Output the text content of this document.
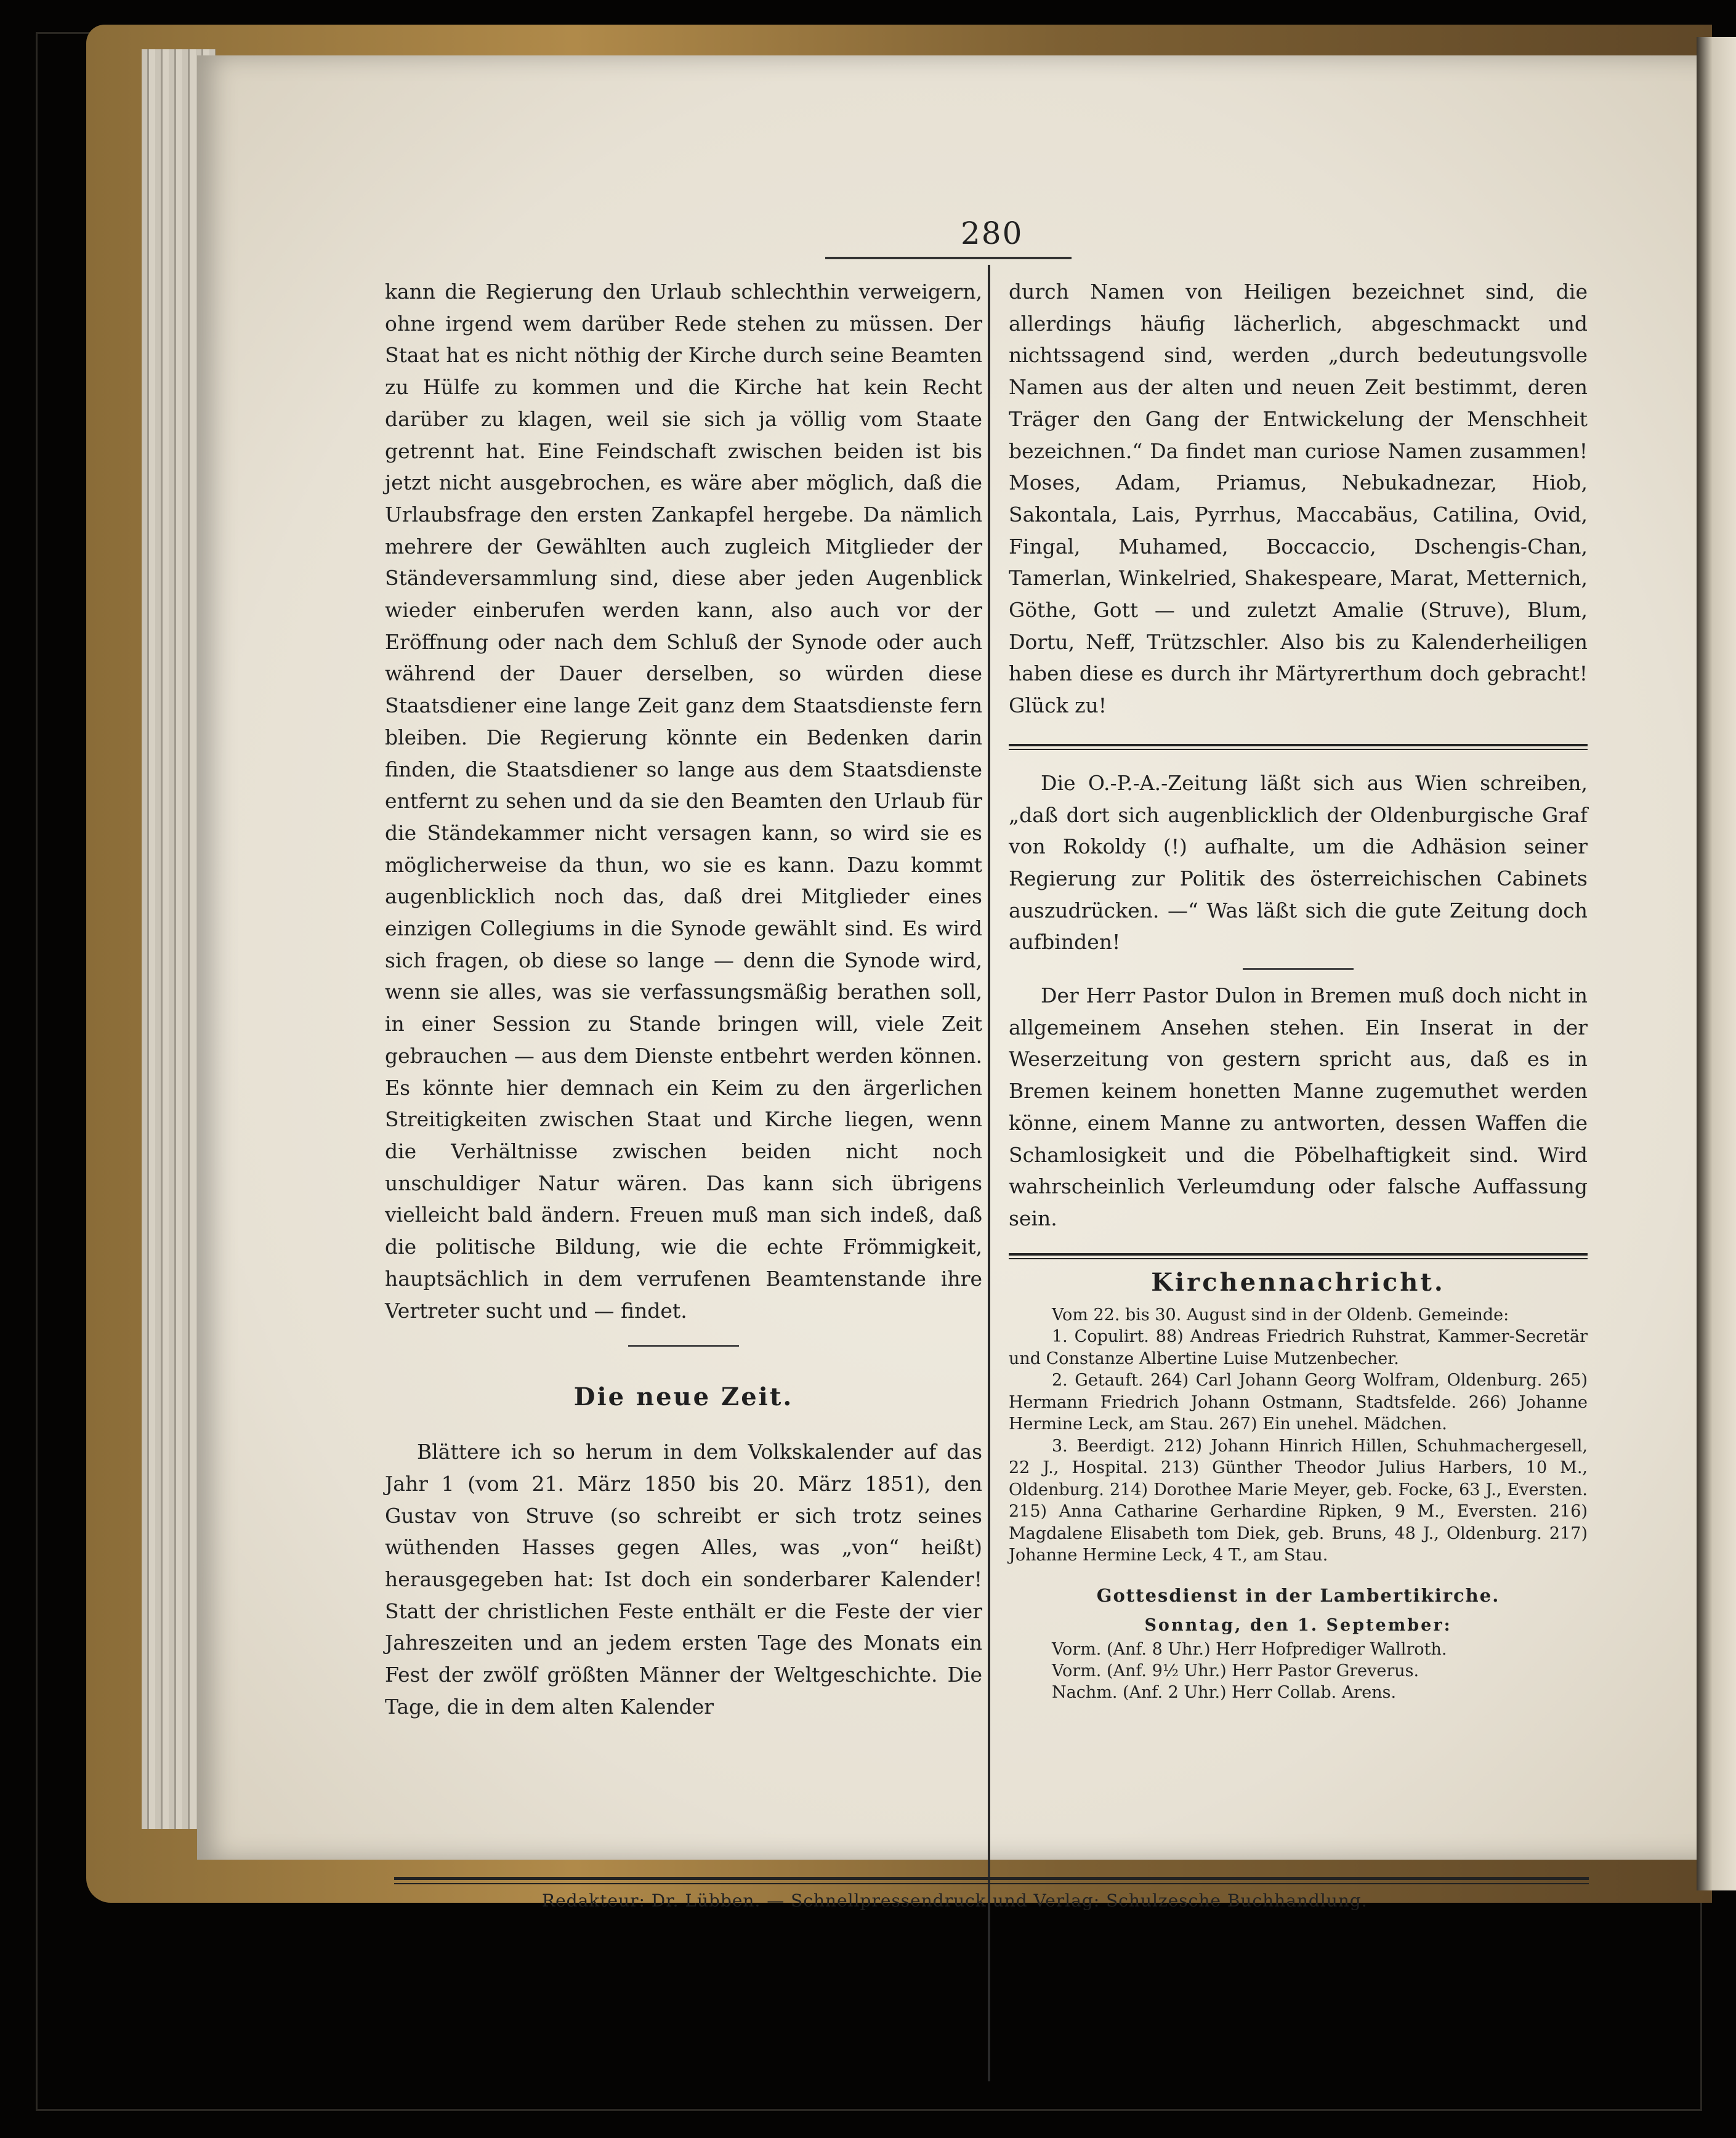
280

kann die Regierung den Urlaub schlechthin verweigern, ohne irgend wem darüber Rede stehen zu müssen. Der Staat hat es nicht nöthig der Kirche durch seine Beamten zu Hülfe zu kommen und die Kirche hat kein Recht darüber zu klagen, weil sie sich ja völlig vom Staate getrennt hat. Eine Feindschaft zwischen beiden ist bis jetzt nicht ausgebrochen, es wäre aber möglich, daß die Urlaubsfrage den ersten Zankapfel hergebe. Da nämlich mehrere der Gewählten auch zugleich Mitglieder der Ständeversammlung sind, diese aber jeden Augenblick wieder einberufen werden kann, also auch vor der Eröffnung oder nach dem Schluß der Synode oder auch während der Dauer derselben, so würden diese Staatsdiener eine lange Zeit ganz dem Staatsdienste fern bleiben. Die Regierung könnte ein Bedenken darin finden, die Staatsdiener so lange aus dem Staatsdienste entfernt zu sehen und da sie den Beamten den Urlaub für die Ständekammer nicht versagen kann, so wird sie es möglicherweise da thun, wo sie es kann. Dazu kommt augenblicklich noch das, daß drei Mitglieder eines einzigen Collegiums in die Synode gewählt sind. Es wird sich fragen, ob diese so lange — denn die Synode wird, wenn sie alles, was sie verfassungsmäßig berathen soll, in einer Session zu Stande bringen will, viele Zeit gebrauchen — aus dem Dienste entbehrt werden können. Es könnte hier demnach ein Keim zu den ärgerlichen Streitigkeiten zwischen Staat und Kirche liegen, wenn die Verhältnisse zwischen beiden nicht noch unschuldiger Natur wären. Das kann sich übrigens vielleicht bald ändern. Freuen muß man sich indeß, daß die politische Bildung, wie die echte Frömmigkeit, hauptsächlich in dem verrufenen Beamtenstande ihre Vertreter sucht und — findet.

Die neue Zeit.

Blättere ich so herum in dem Volkskalender auf das Jahr 1 (vom 21. März 1850 bis 20. März 1851), den Gustav von Struve (so schreibt er sich trotz seines wüthenden Hasses gegen Alles, was „von“ heißt) herausgegeben hat: Ist doch ein sonderbarer Kalender! Statt der christlichen Feste enthält er die Feste der vier Jahreszeiten und an jedem ersten Tage des Monats ein Fest der zwölf größten Männer der Weltgeschichte. Die Tage, die in dem alten Kalender

durch Namen von Heiligen bezeichnet sind, die allerdings häufig lächerlich, abgeschmackt und nichtssagend sind, werden „durch bedeutungsvolle Namen aus der alten und neuen Zeit bestimmt, deren Träger den Gang der Entwickelung der Menschheit bezeichnen.“ Da findet man curiose Namen zusammen! Moses, Adam, Priamus, Nebukadnezar, Hiob, Sakontala, Lais, Pyrrhus, Maccabäus, Catilina, Ovid, Fingal, Muhamed, Boccaccio, Dschengis-Chan, Tamerlan, Winkelried, Shakespeare, Marat, Metternich, Göthe, Gott — und zuletzt Amalie (Struve), Blum, Dortu, Neff, Trützschler. Also bis zu Kalenderheiligen haben diese es durch ihr Märtyrerthum doch gebracht! Glück zu!

Die O.-P.-A.-Zeitung läßt sich aus Wien schreiben, „daß dort sich augenblicklich der Oldenburgische Graf von Rokoldy (!) aufhalte, um die Adhäsion seiner Regierung zur Politik des österreichischen Cabinets auszudrücken. —“ Was läßt sich die gute Zeitung doch aufbinden!

Der Herr Pastor Dulon in Bremen muß doch nicht in allgemeinem Ansehen stehen. Ein Inserat in der Weserzeitung von gestern spricht aus, daß es in Bremen keinem honetten Manne zugemuthet werden könne, einem Manne zu antworten, dessen Waffen die Schamlosigkeit und die Pöbelhaftigkeit sind. Wird wahrscheinlich Verleumdung oder falsche Auffassung sein.

Kirchennachricht.

Vom 22. bis 30. August sind in der Oldenb. Gemeinde:

1. Copulirt. 88) Andreas Friedrich Ruhstrat, Kammer-Secretär und Constanze Albertine Luise Mutzenbecher.

2. Getauft. 264) Carl Johann Georg Wolfram, Oldenburg. 265) Hermann Friedrich Johann Ostmann, Stadtsfelde. 266) Johanne Hermine Leck, am Stau. 267) Ein unehel. Mädchen.

3. Beerdigt. 212) Johann Hinrich Hillen, Schuhmachergesell, 22 J., Hospital. 213) Günther Theodor Julius Harbers, 10 M., Oldenburg. 214) Dorothee Marie Meyer, geb. Focke, 63 J., Eversten. 215) Anna Catharine Gerhardine Ripken, 9 M., Eversten. 216) Magdalene Elisabeth tom Diek, geb. Bruns, 48 J., Oldenburg. 217) Johanne Hermine Leck, 4 T., am Stau.

Gottesdienst in der Lambertikirche.

Sonntag, den 1. September:

Vorm. (Anf. 8 Uhr.) Herr Hofprediger Wallroth.

Vorm. (Anf. 9½ Uhr.) Herr Pastor Greverus.

Nachm. (Anf. 2 Uhr.) Herr Collab. Arens.

Redakteur: Dr. Lübben. — Schnellpressendruck und Verlag: Schulzesche Buchhandlung.
